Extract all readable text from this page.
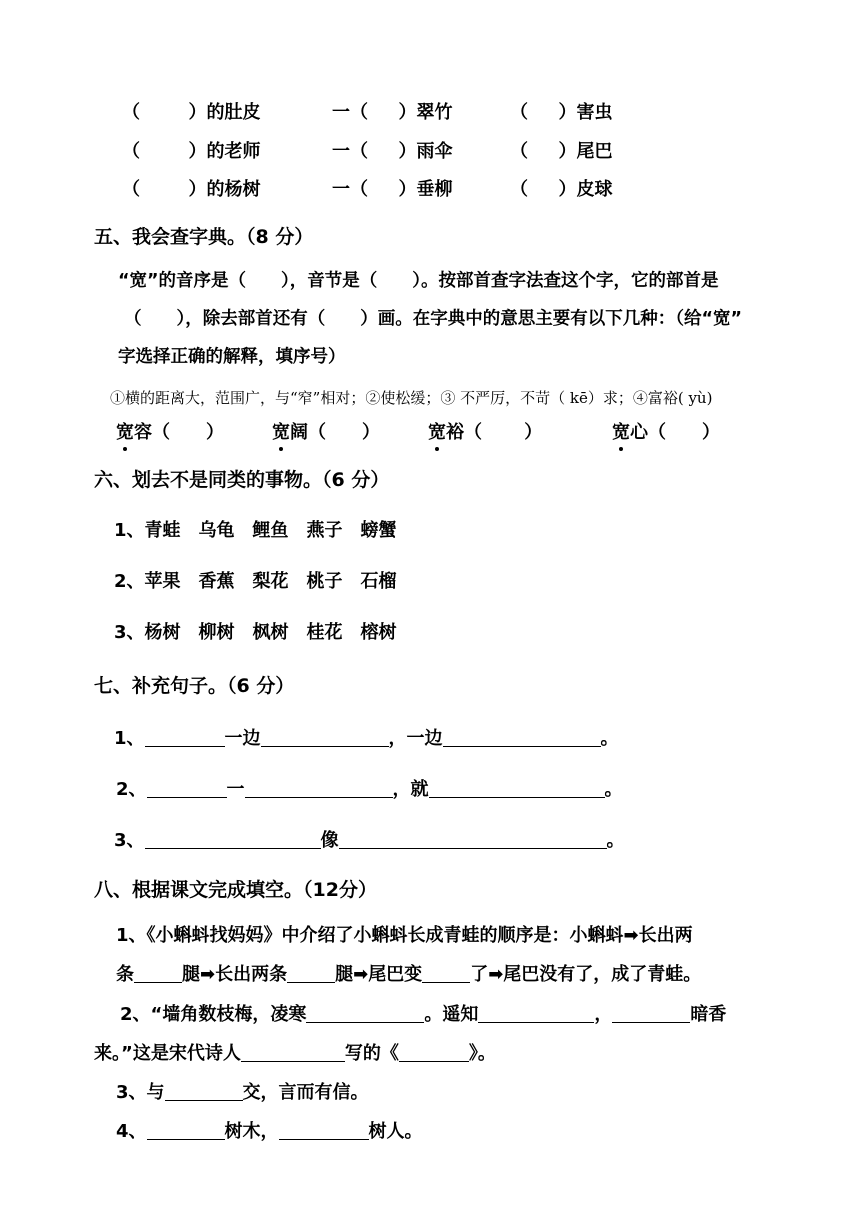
（ 　　 ）的肚皮	一（ 　 ）翠竹	（ 　 ）害虫
（ 　　 ）的老师	一（ 　 ）雨伞	（ 　 ）尾巴
（ 　　 ）的杨树	一（ 　 ）垂柳	（ 　 ）皮球
五、我会查字典。（8 分）
“宽”的音序是（　　），音节是（　　）。按部首查字法查这个字，它的部首是
（　　），除去部首还有（　　）画。在字典中的意思主要有以下几种：（给“宽”
字选择正确的解释，填序号）
①横的距离大，范围广，与“窄”相对；②使松缓；③ 不严厉，不苛（ kē）求；④富裕( yù)
宽容（　　）	宽阔（　　）	宽裕（　　 ）	宽心（　　）
六、划去不是同类的事物。（6 分）
1、青蛙　乌龟　鲤鱼　燕子　螃蟹
2、苹果　香蕉　梨花　桃子　石榴
3、杨树　柳树　枫树　桂花　榕树
七、补充句子。（6 分）
1、	一边	，一边	。
2、	一	，就	。
3、	像	。
八、根据课文完成填空。（12分）
1、《小蝌蚪找妈妈》中介绍了小蝌蚪长成青蛙的顺序是：小蝌蚪➡长出两
条	腿➡长出两条	腿➡尾巴变	了➡尾巴没有了，成了青蛙。
2、“墙角数枝梅，凌寒	。遥知	，	暗香
来。”这是宋代诗人	写的《	》。
3、与	交，言而有信。
4、	树木，	树人。
